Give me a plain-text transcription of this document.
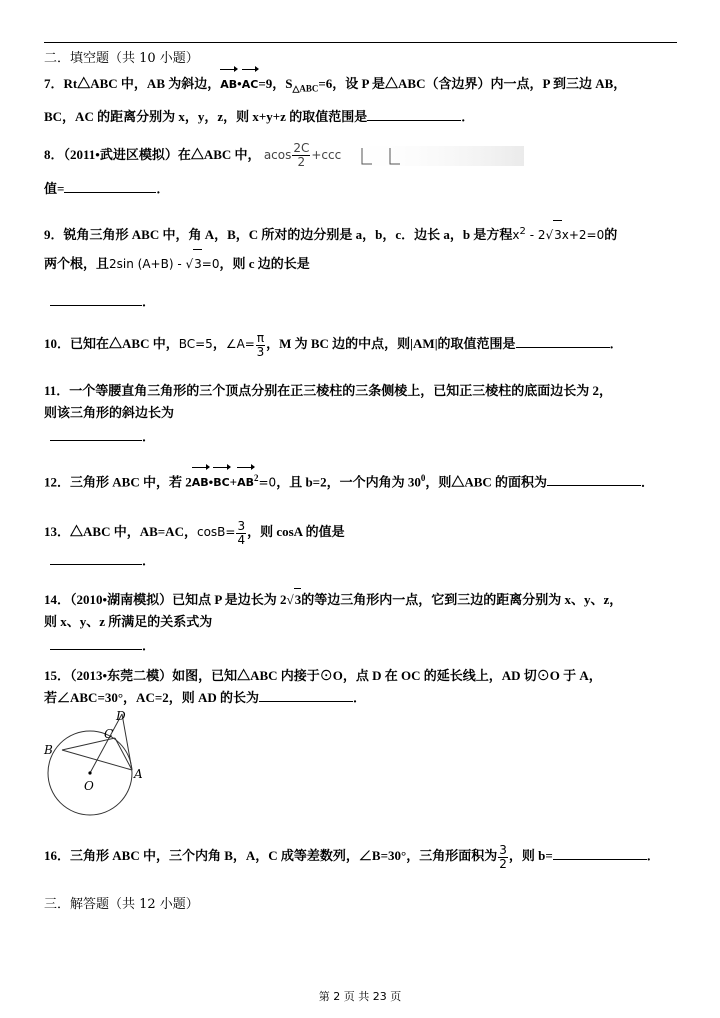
二．填空题（共 10 小题）
7．Rt△ABC 中，AB 为斜边，AB•AC=9，$S_{\triangle ABC}=6$，设 P 是△ABC（含边界）内一点，P 到三边 AB，
BC，AC 的距离分别为 x，y，z，则 x+y+z 的取值范围是	．
8．（2011•武进区模拟）在△ABC 中， acos $\frac{2C}{2} +ccc$
值=	．
9．锐角三角形 ABC 中，角 A，B，C 所对的边分别是 a，b，c．边长 a，b 是方程$x^2 - 2√3x+2=0$的
两个根，且2sin (A+B) - √3=0，则 c 边的长是
．
10．已知在△ABC 中，BC=5，∠A= $\frac{\pi}{3}$ ，M 为 BC 边的中点，则|AM|的取值范围是	．
11．一个等腰直角三角形的三个顶点分别在正三棱柱的三条侧棱上，已知正三棱柱的底面边长为 2，
则该三角形的斜边长为
．
12．三角形 ABC 中，若 $2AB•BC+AB^2=0$，且 b=2，一个内角为 $30^0$，则△ABC 的面积为	．
13．△ABC 中，AB=AC，$\cos B= \frac{3}{4}$ ，则 cosA 的值是
．
14．（2010•湖南模拟）已知点 P 是边长为 2√3的等边三角形内一点，它到三边的距离分别为 x、y、z，
则 x、y、z 所满足的关系式为
．
15．（2013•东莞二模）如图，已知△ABC 内接于⊙O，点 D 在 OC 的延长线上，AD 切⊙O 于 A，
若∠ABC=30°，AC=2，则 AD 的长为	．
D
C
B
A
O
16．三角形 ABC 中，三个内角 B，A，C 成等差数列，∠B=30°，三角形面积为 $\frac{3}{2}$ ，则 b=	．
三．解答题（共 12 小题）
第 2 页 共 23 页
